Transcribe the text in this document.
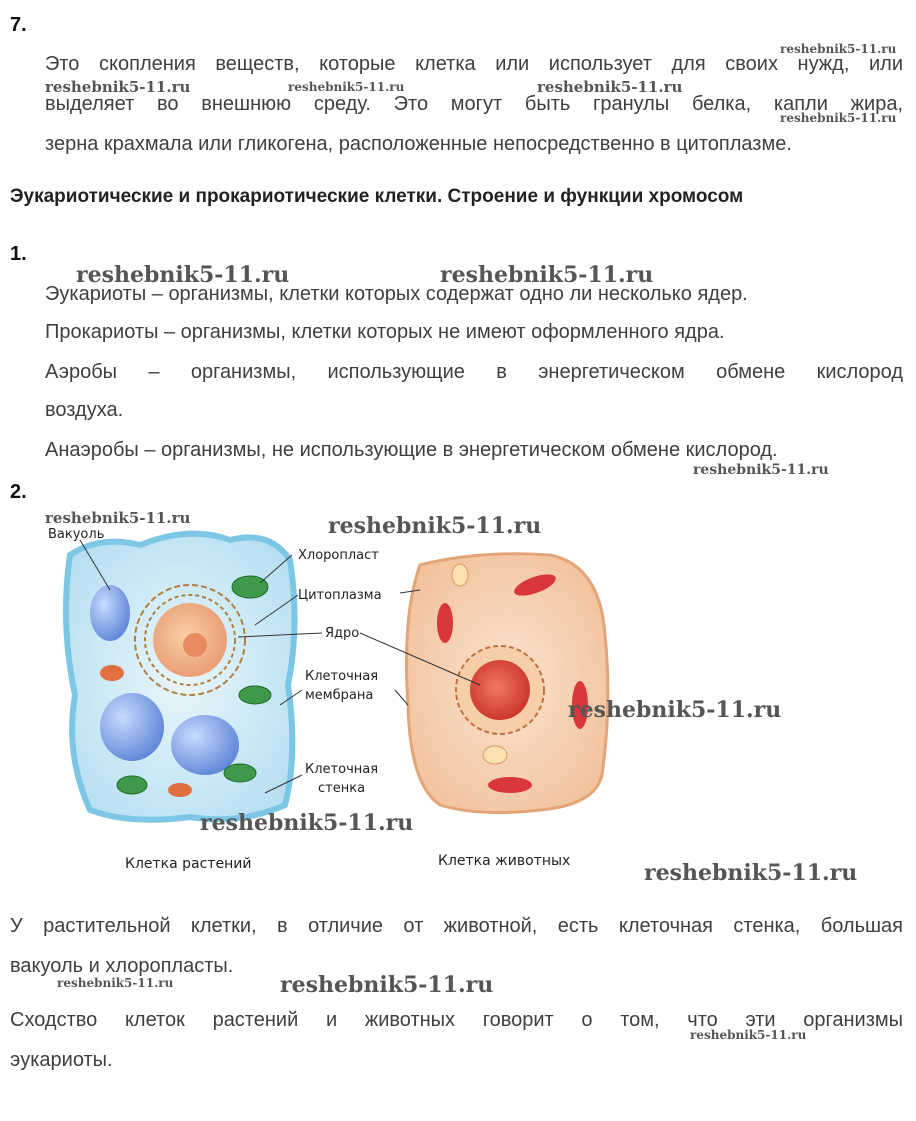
7.
Это скопления веществ, которые клетка или использует для своих нужд, или
выделяет во внешнюю среду. Это могут быть гранулы белка, капли жира,
зерна крахмала или гликогена, расположенные непосредственно в цитоплазме.
Эукариотические и прокариотические клетки. Строение и функции хромосом
1.
Эукариоты – организмы, клетки которых содержат одно ли несколько ядер.
Прокариоты – организмы, клетки которых не имеют оформленного ядра.
Аэробы – организмы, использующие в энергетическом обмене кислород
воздуха.
Анаэробы – организмы, не использующие в энергетическом обмене кислород.
2.
Вакуоль
Хлоропласт
Цитоплазма
Ядро
Клеточная
мембрана
Клеточная
стенка
Клетка растений	Клетка животных
У растительной клетки, в отличие от животной, есть клеточная стенка, большая
вакуоль и хлоропласты.
Сходство клеток растений и животных говорит о том, что эти организмы
эукариоты.
reshebnik5-11.ru
reshebnik5-11.ru	reshebnik5-11.ru	reshebnik5-11.ru
reshebnik5-11.ru
reshebnik5-11.ru	reshebnik5-11.ru
reshebnik5-11.ru
reshebnik5-11.ru	reshebnik5-11.ru
reshebnik5-11.ru
reshebnik5-11.ru
reshebnik5-11.ru
reshebnik5-11.ru	reshebnik5-11.ru
reshebnik5-11.ru
